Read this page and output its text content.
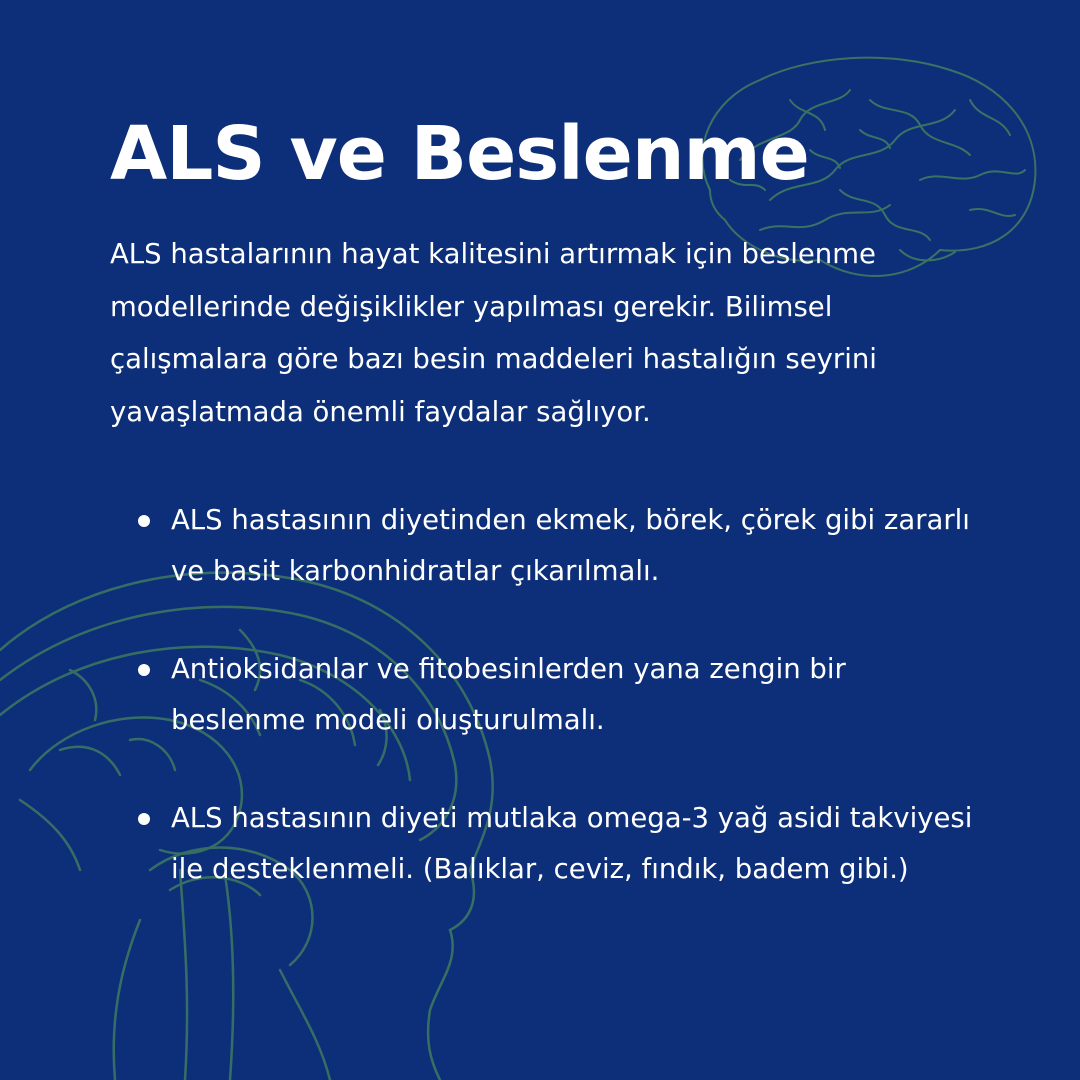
ALS ve Beslenme

ALS hastalarının hayat kalitesini artırmak için beslenme modellerinde değişiklikler yapılması gerekir. Bilimsel çalışmalara göre bazı besin maddeleri hastalığın seyrini yavaşlatmada önemli faydalar sağlıyor.

ALS hastasının diyetinden ekmek, börek, çörek gibi zararlı ve basit karbonhidratlar çıkarılmalı.
Antioksidanlar ve fitobesinlerden yana zengin bir beslenme modeli oluşturulmalı.
ALS hastasının diyeti mutlaka omega-3 yağ asidi takviyesi ile desteklenmeli. (Balıklar, ceviz, fındık, badem gibi.)
